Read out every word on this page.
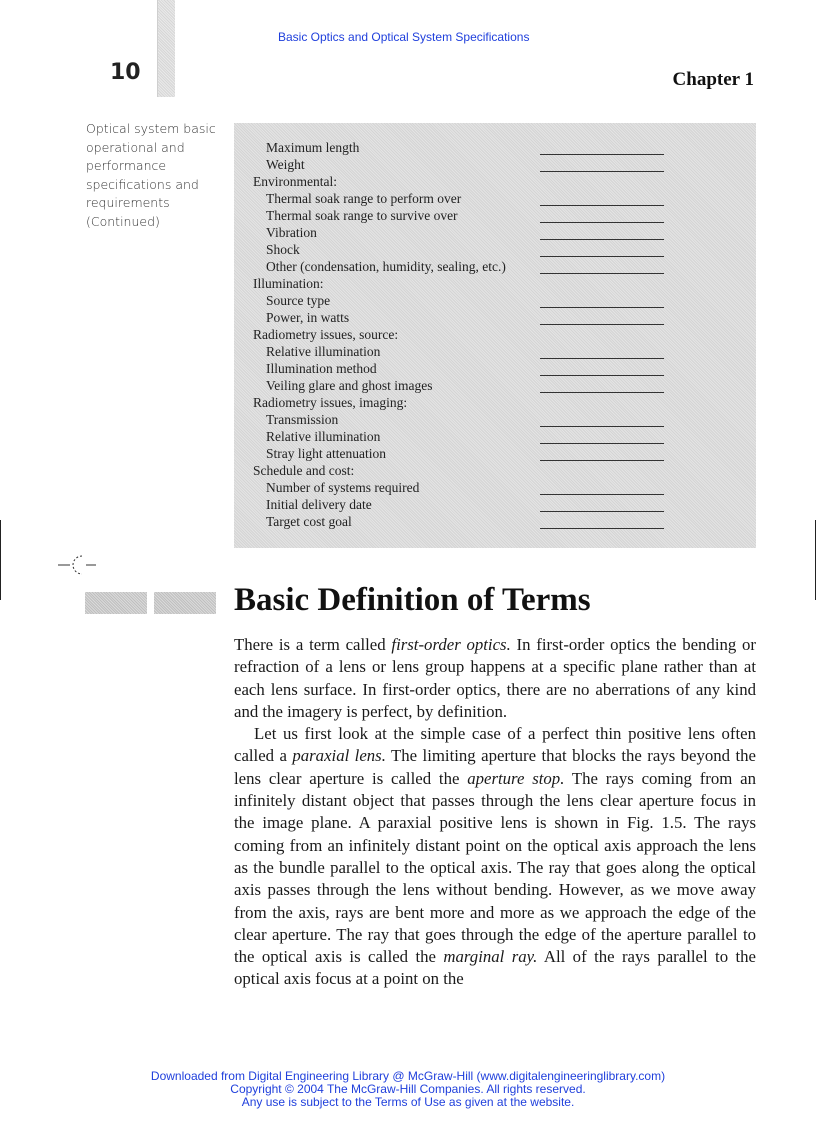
10
Basic Optics and Optical System Specifications
Chapter 1
Optical system basic operational and performance specifications and requirements (Continued)
Maximum length
Weight
Environmental:
Thermal soak range to perform over
Thermal soak range to survive over
Vibration
Shock
Other (condensation, humidity, sealing, etc.)
Illumination:
Source type
Power, in watts
Radiometry issues, source:
Relative illumination
Illumination method
Veiling glare and ghost images
Radiometry issues, imaging:
Transmission
Relative illumination
Stray light attenuation
Schedule and cost:
Number of systems required
Initial delivery date
Target cost goal
Basic Definition of Terms

There is a term called first-order optics. In first-order optics the bending or refraction of a lens or lens group happens at a specific plane rather than at each lens surface. In first-order optics, there are no aberrations of any kind and the imagery is perfect, by definition.

Let us first look at the simple case of a perfect thin positive lens often called a paraxial lens. The limiting aperture that blocks the rays beyond the lens clear aperture is called the aperture stop. The rays coming from an infinitely distant object that passes through the lens clear aperture focus in the image plane. A paraxial positive lens is shown in Fig. 1.5. The rays coming from an infinitely distant point on the optical axis approach the lens as the bundle parallel to the optical axis. The ray that goes along the optical axis passes through the lens without bending. However, as we move away from the axis, rays are bent more and more as we approach the edge of the clear aperture. The ray that goes through the edge of the aperture parallel to the optical axis is called the marginal ray. All of the rays parallel to the optical axis focus at a point on the

Downloaded from Digital Engineering Library @ McGraw-Hill (www.digitalengineeringlibrary.com)
Copyright © 2004 The McGraw-Hill Companies. All rights reserved.
Any use is subject to the Terms of Use as given at the website.
